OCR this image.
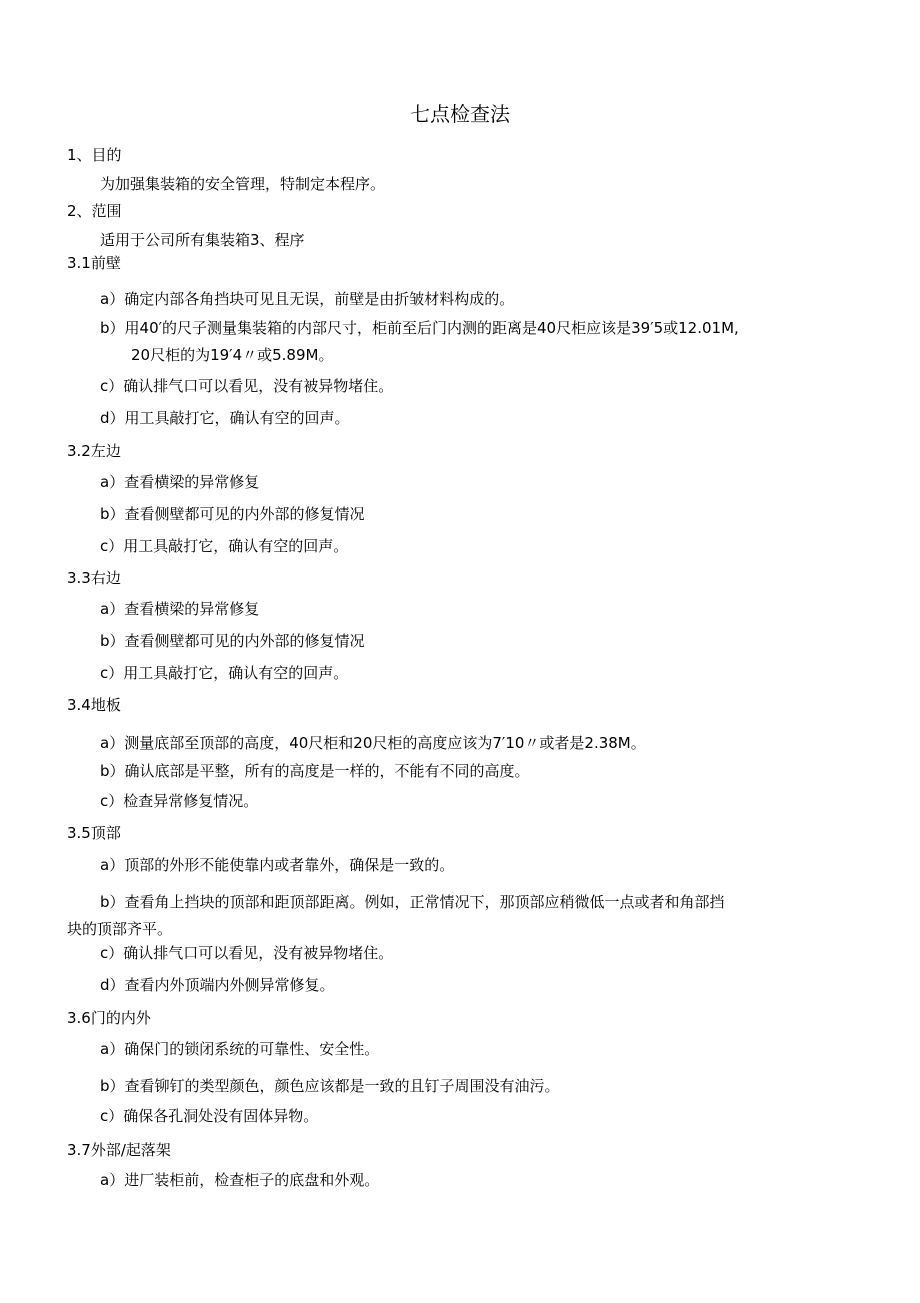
七点检查法
1、目的
为加强集装箱的安全管理，特制定本程序。
2、范围
适用于公司所有集装箱3、程序
3.1前壁
a）确定内部各角挡块可见且无误，前壁是由折皱材料构成的。
b）用40′的尺子测量集装箱的内部尺寸，柜前至后门内测的距离是40尺柜应该是39′5或12.01M,
20尺柜的为19′4〃或5.89M。
c）确认排气口可以看见，没有被异物堵住。
d）用工具敲打它，确认有空的回声。
3.2左边
a）查看横梁的异常修复
b）查看侧壁都可见的内外部的修复情况
c）用工具敲打它，确认有空的回声。
3.3右边
a）查看横梁的异常修复
b）查看侧壁都可见的内外部的修复情况
c）用工具敲打它，确认有空的回声。
3.4地板
a）测量底部至顶部的高度，40尺柜和20尺柜的高度应该为7′10〃或者是2.38M。
b）确认底部是平整，所有的高度是一样的，不能有不同的高度。
c）检查异常修复情况。
3.5顶部
a）顶部的外形不能使靠内或者靠外，确保是一致的。
b）查看角上挡块的顶部和距顶部距离。例如，正常情况下，那顶部应稍微低一点或者和角部挡
块的顶部齐平。
c）确认排气口可以看见，没有被异物堵住。
d）查看内外顶端内外侧异常修复。
3.6门的内外
a）确保门的锁闭系统的可靠性、安全性。
b）查看铆钉的类型颜色，颜色应该都是一致的且钉子周围没有油污。
c）确保各孔洞处没有固体异物。
3.7外部/起落架
a）进厂装柜前，检查柜子的底盘和外观。
